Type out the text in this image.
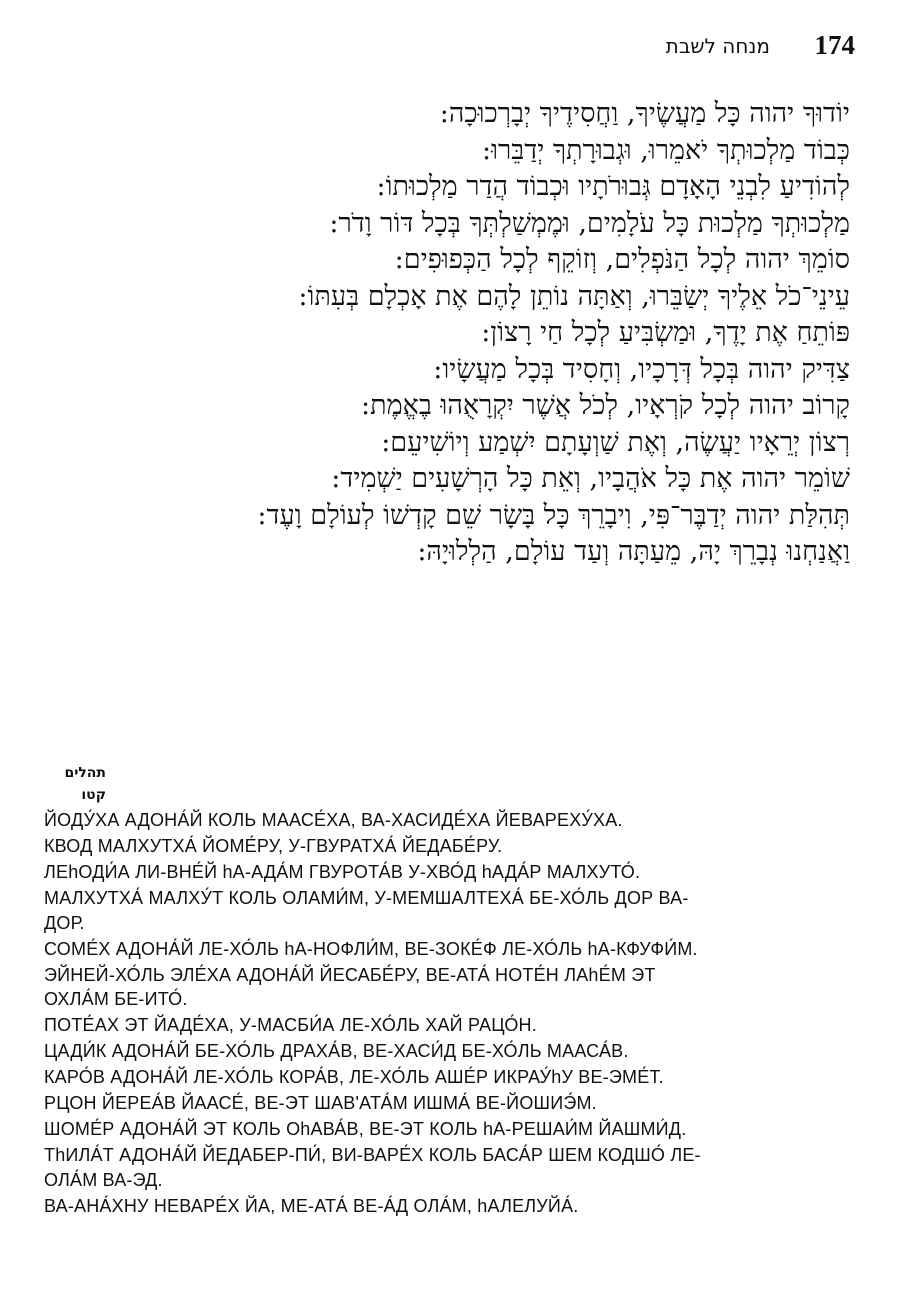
מנחה לשבת 174
יוֹדוּךָ יהוה כָּל מַעֲשֶׂיךָ, וַחֲסִידֶיךָ יְבָרְכוּכָה:
כְּבוֹד מַלְכוּתְךָ יֹאמֵרוּ, וּגְבוּרָתְךָ יְדַבֵּרוּ:
לְהוֹדִיעַ לִבְנֵי הָאָדָם גְּבוּרֹתָיו וּכְבוֹד הֲדַר מַלְכוּתוֹ:
מַלְכוּתְךָ מַלְכוּת כָּל עֹלָמִים, וּמֶמְשַׁלְתְּךָ בְּכָל דּוֹר וָדֹר:
סוֹמֵךְ יהוה לְכָל הַנֹּפְלִים, וְזוֹקֵף לְכָל הַכְּפוּפִים:
עֵינֵי־כֹל אֵלֶיךָ יְשַׂבֵּרוּ, וְאַתָּה נוֹתֵן לָהֶם אֶת אָכְלָם בְּעִתּוֹ:
פּוֹתֵחַ אֶת יָדֶךָ, וּמַשְׂבִּיעַ לְכָל חַי רָצוֹן:
צַדִּיק יהוה בְּכָל דְּרָכָיו, וְחָסִיד בְּכָל מַעֲשָׂיו:
קָרוֹב יהוה לְכָל קֹרְאָיו, לְכֹל אֲשֶׁר יִקְרָאֻהוּ בֶאֱמֶת:
רְצוֹן יְרֵאָיו יַעֲשֶׂה, וְאֶת שַׁוְעָתָם יִשְׁמַע וְיוֹשִׁיעֵם:
שׁוֹמֵר יהוה אֶת כָּל אֹהֲבָיו, וְאֵת כָּל הָרְשָׁעִים יַשְׁמִיד:
תְּהִלַּת יהוה יְדַבֶּר־פִּי, וִיבָרֵךְ כָּל בָּשָׂר שֵׁם קָדְשׁוֹ לְעוֹלָם וָעֶד:
וַאֲנַחְנוּ נְבָרֵךְ יָהּ, מֵעַתָּה וְעַד עוֹלָם, הַלְלוּיָהּ:
תהלים קטו
ЙОДУ́ХА АДОНА́Й КОЛЬ МААСЕ́ХА, ВА-ХАСИДЕ́ХА ЙЕВАРЕХУ́ХА.
КВОД МАЛХУТХА́ ЙОМЕ́РУ, У-ГВУРАТХА́ ЙЕДАБЕ́РУ.
ЛЕhОДИ́А ЛИ-ВНЕ́Й hА-АДА́М ГВУРОТА́В У-ХВО́Д hАДА́Р МАЛХУТО́.
МАЛХУТХА́ МАЛХУ́Т КОЛЬ ОЛАМИ́М, У-МЕМШАЛТЕХА́ БЕ-ХО́ЛЬ ДОР ВА-ДОР.
СОМЕ́Х АДОНА́Й ЛЕ-ХО́ЛЬ hА-НОФЛИ́М, ВЕ-ЗОКЕ́Ф ЛЕ-ХО́ЛЬ hА-КФУФИ́М.
ЭЙНЕЙ-ХО́ЛЬ ЭЛЕ́ХА АДОНА́Й ЙЕСАБЕ́РУ, ВЕ-АТА́ НОТЕ́Н ЛАhЕ́М ЭТ ОХЛА́М БЕ-ИТО́.
ПОТЕ́АХ ЭТ ЙАДЕ́ХА, У-МАСБИ́А ЛЕ-ХО́ЛЬ ХАЙ РАЦО́Н.
ЦАДИ́К АДОНА́Й БЕ-ХО́ЛЬ ДРАХА́В, ВЕ-ХАСИ́Д БЕ-ХО́ЛЬ МААСА́В.
КАРО́В АДОНА́Й ЛЕ-ХО́ЛЬ КОРА́В, ЛЕ-ХО́ЛЬ АШЕ́Р ИКРАУ́hУ ВЕ-ЭМЕ́Т.
РЦОН ЙЕРЕА́В ЙААСЕ́, ВЕ-ЭТ ШАВ'АТА́М ИШМА́ ВЕ-ЙОШИЭ́М.
ШОМЕ́Р АДОНА́Й ЭТ КОЛЬ ОhАВА́В, ВЕ-ЭТ КОЛЬ hА-РЕШАИ́М ЙАШМИ́Д.
ТhИЛА́Т АДОНА́Й ЙЕДАБЕР-ПИ́, ВИ-ВАРЕ́Х КОЛЬ БАСА́Р ШЕМ КОДШО́ ЛЕ-ОЛА́М ВА-ЭД.
ВА-АНА́ХНУ НЕВАРЕ́Х ЙА, МЕ-АТА́ ВЕ-А́Д ОЛА́М, hАЛЕЛУЙА́.
